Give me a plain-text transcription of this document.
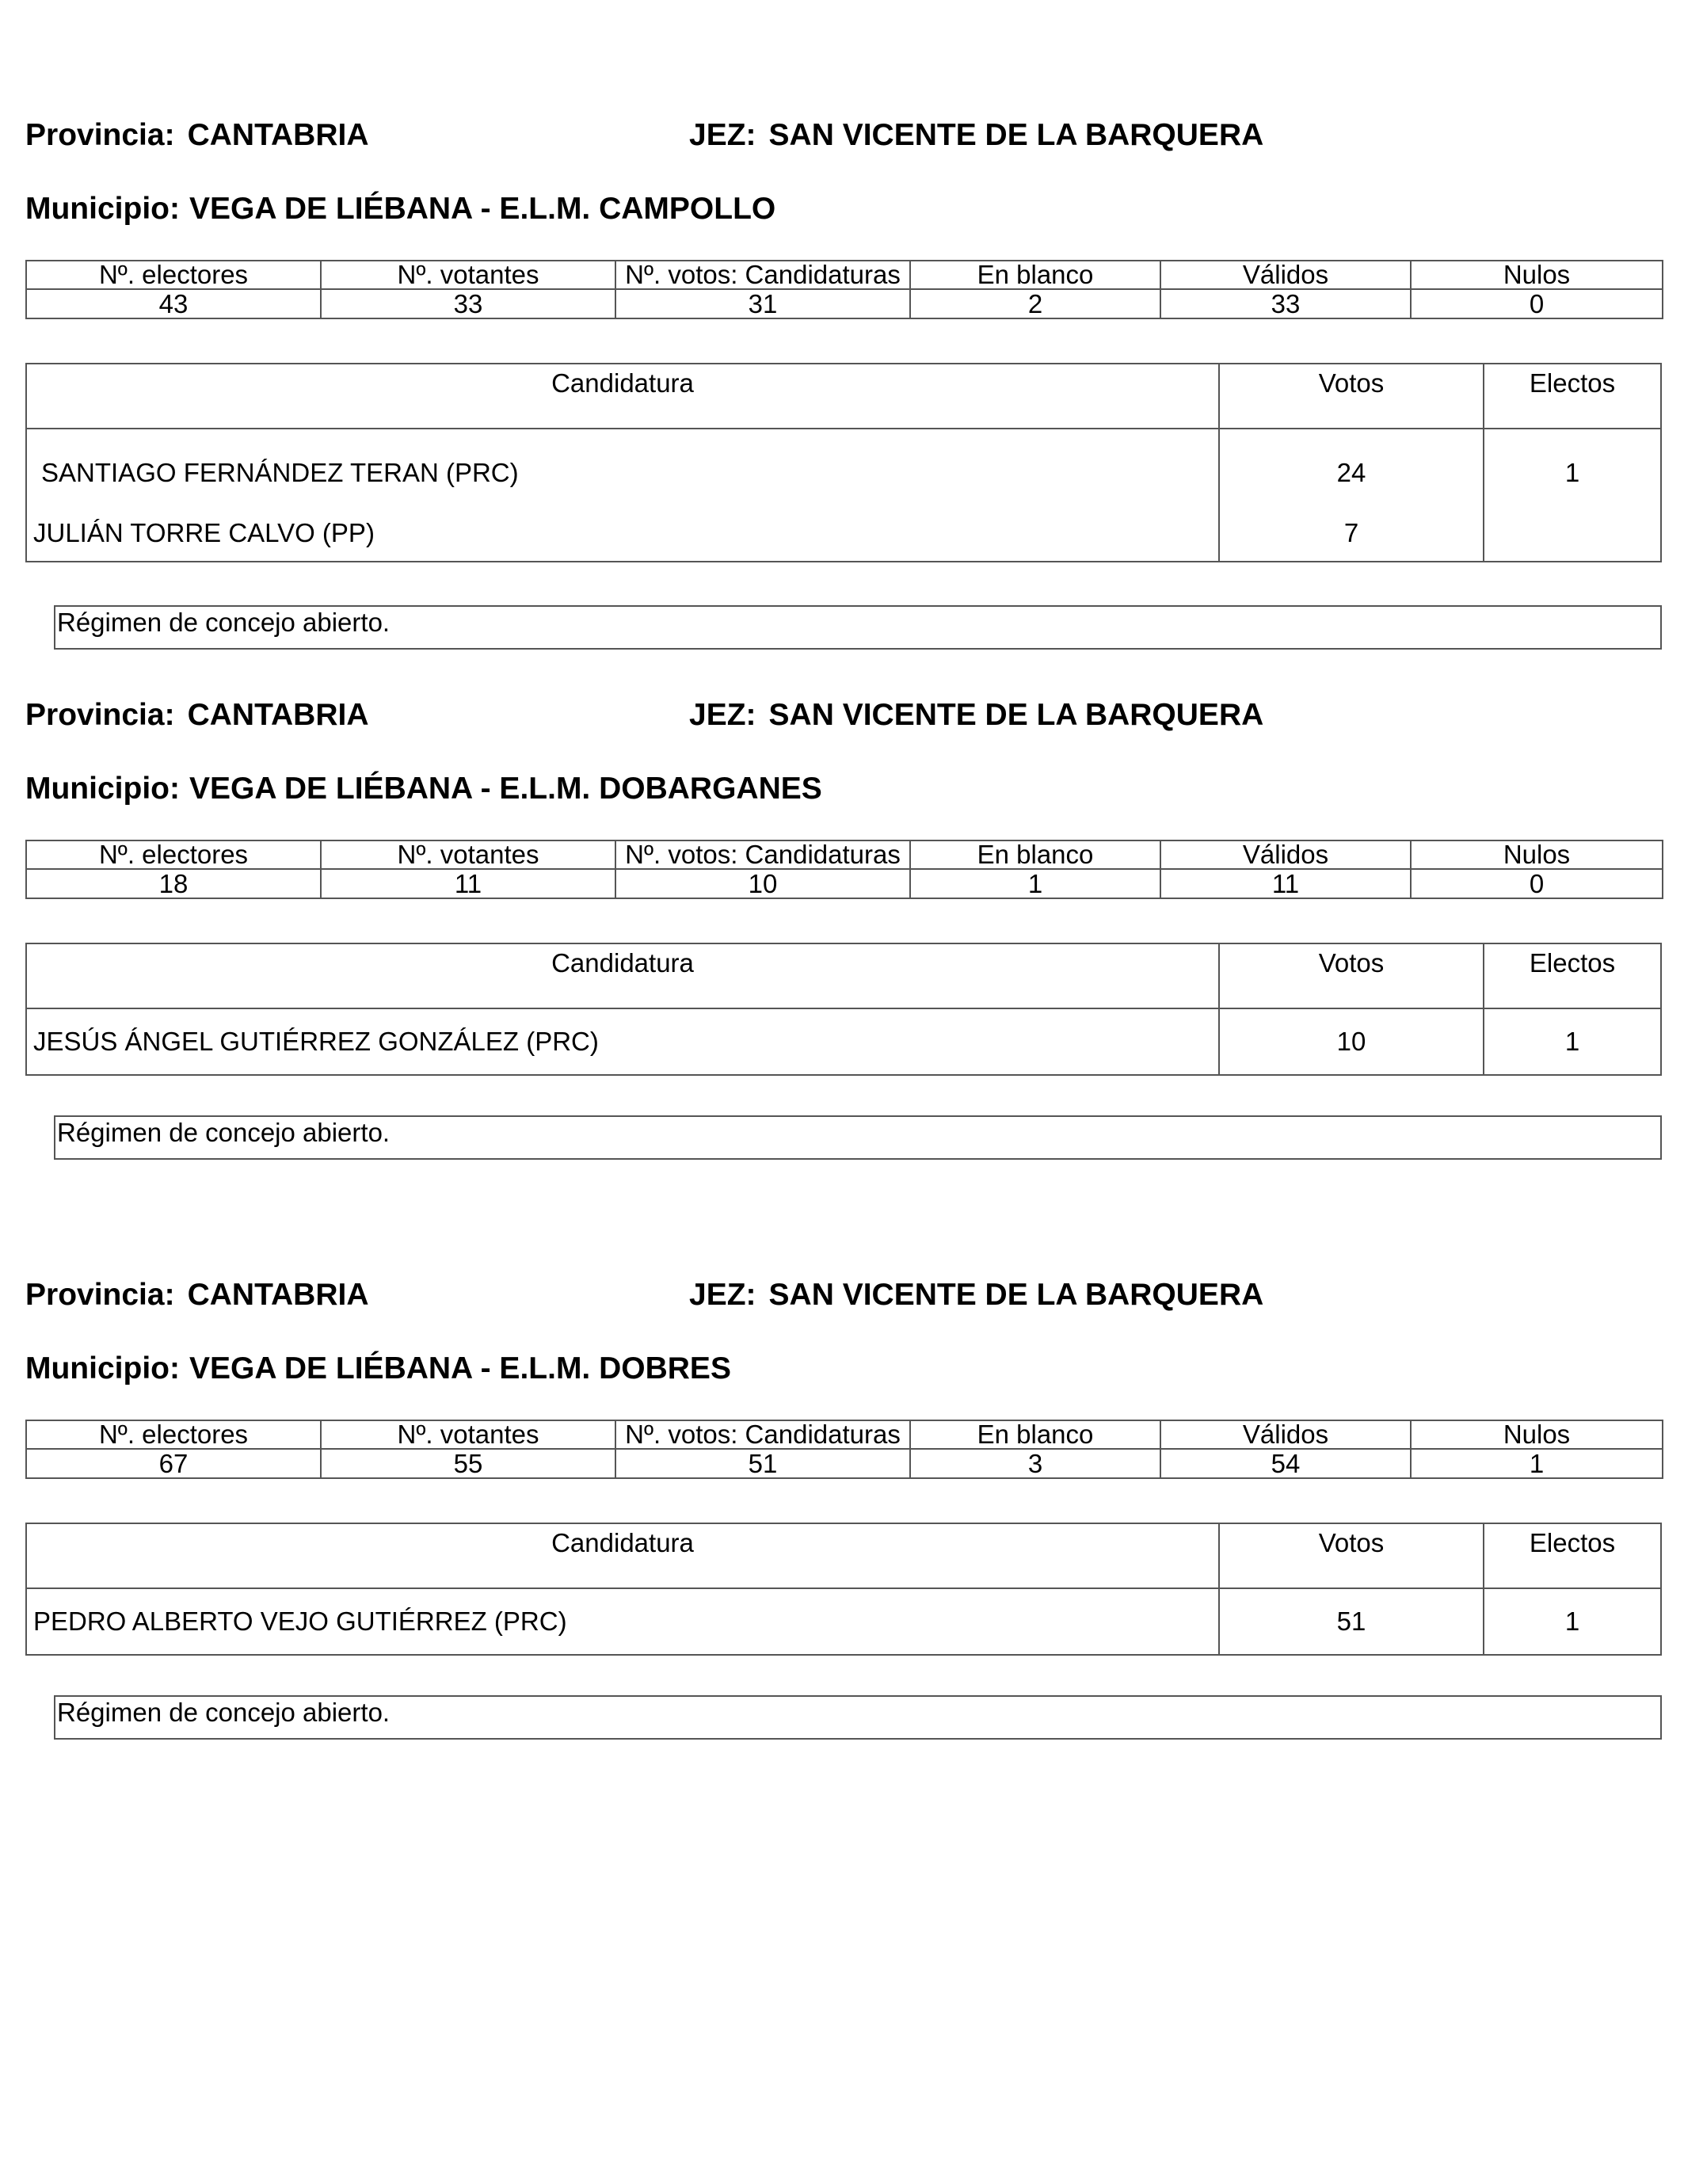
Provincia: CANTABRIA	JEZ: SAN VICENTE DE LA BARQUERA
Municipio: VEGA DE LIÉBANA - E.L.M. CAMPOLLO
Nº. electores	Nº. votantes	Nº. votos: Candidaturas	En blanco	Válidos	Nulos
43	33	31	2	33	0
Candidatura	Votos	Electos
SANTIAGO FERNÁNDEZ TERAN (PRC)	24	1
JULIÁN TORRE CALVO (PP)	7
Régimen de concejo abierto.
Provincia: CANTABRIA	JEZ: SAN VICENTE DE LA BARQUERA
Municipio: VEGA DE LIÉBANA - E.L.M. DOBARGANES
Nº. electores	Nº. votantes	Nº. votos: Candidaturas	En blanco	Válidos	Nulos
18	11	10	1	11	0
Candidatura	Votos	Electos
JESÚS ÁNGEL GUTIÉRREZ GONZÁLEZ (PRC)	10	1
Régimen de concejo abierto.
Provincia: CANTABRIA	JEZ: SAN VICENTE DE LA BARQUERA
Municipio: VEGA DE LIÉBANA - E.L.M. DOBRES
Nº. electores	Nº. votantes	Nº. votos: Candidaturas	En blanco	Válidos	Nulos
67	55	51	3	54	1
Candidatura	Votos	Electos
PEDRO ALBERTO VEJO GUTIÉRREZ (PRC)	51	1
Régimen de concejo abierto.
